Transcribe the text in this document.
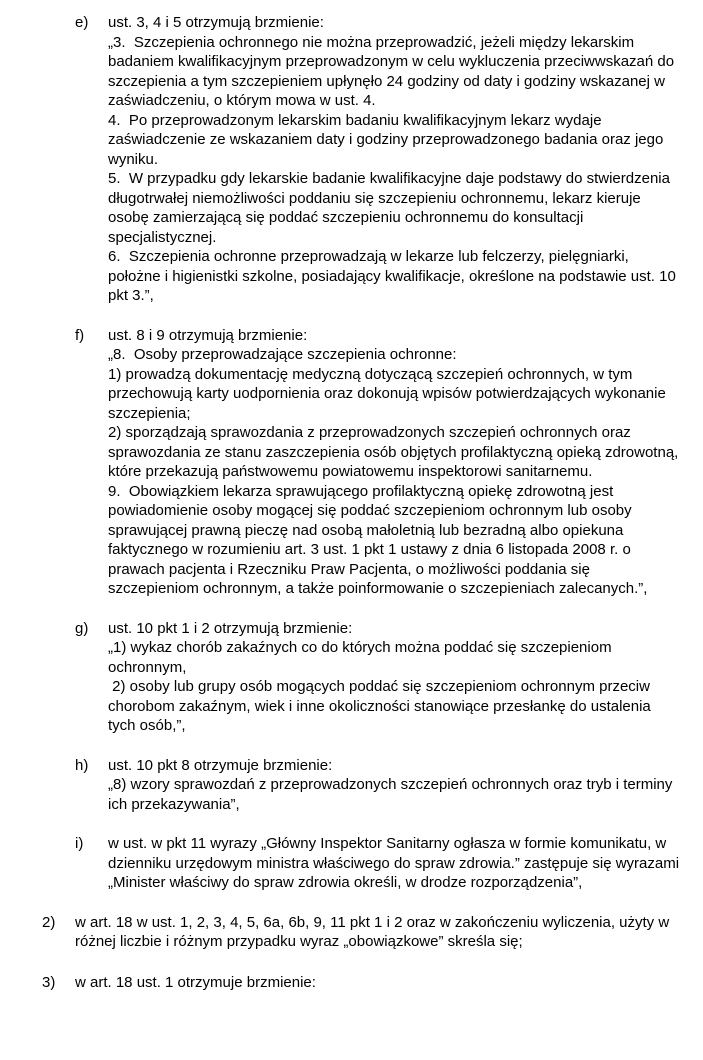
e)	ust. 3, 4 i 5 otrzymują brzmienie:

„3.  Szczepienia ochronnego nie można przeprowadzić, jeżeli między lekarskim badaniem kwalifikacyjnym przeprowadzonym w celu wykluczenia przeciwwskazań do szczepienia a tym szczepieniem upłynęło 24 godziny od daty i godziny wskazanej w zaświadczeniu, o którym mowa w ust. 4.

4.  Po przeprowadzonym lekarskim badaniu kwalifikacyjnym lekarz wydaje zaświadczenie ze wskazaniem daty i godziny przeprowadzonego badania oraz jego wyniku.

5.  W przypadku gdy lekarskie badanie kwalifikacyjne daje podstawy do stwierdzenia długotrwałej niemożliwości poddaniu się szczepieniu ochronnemu, lekarz kieruje osobę zamierzającą się poddać szczepieniu ochronnemu do konsultacji specjalistycznej.

6.  Szczepienia ochronne przeprowadzają w lekarze lub felczerzy, pielęgniarki, położne i higienistki szkolne, posiadający kwalifikacje, określone na podstawie ust. 10 pkt 3.”,

f)	ust. 8 i 9 otrzymują brzmienie:

„8.  Osoby przeprowadzające szczepienia ochronne:

1) prowadzą dokumentację medyczną dotyczącą szczepień ochronnych, w tym przechowują karty uodpornienia oraz dokonują wpisów potwierdzających wykonanie szczepienia;

2) sporządzają sprawozdania z przeprowadzonych szczepień ochronnych oraz sprawozdania ze stanu zaszczepienia osób objętych profilaktyczną opieką zdrowotną, które przekazują państwowemu powiatowemu inspektorowi sanitarnemu.

9.  Obowiązkiem lekarza sprawującego profilaktyczną opiekę zdrowotną jest powiadomienie osoby mogącej się poddać szczepieniom ochronnym lub osoby sprawującej prawną pieczę nad osobą małoletnią lub bezradną albo opiekuna faktycznego w rozumieniu art. 3 ust. 1 pkt 1 ustawy z dnia 6 listopada 2008 r. o prawach pacjenta i Rzeczniku Praw Pacjenta, o możliwości poddania się szczepieniom ochronnym, a także poinformowanie o szczepieniach zalecanych.”,

g)	ust. 10 pkt 1 i 2 otrzymują brzmienie:

„1) wykaz chorób zakaźnych co do których można poddać się szczepieniom ochronnym,

2) osoby lub grupy osób mogących poddać się szczepieniom ochronnym przeciw chorobom zakaźnym, wiek i inne okoliczności stanowiące przesłankę do ustalenia tych osób,”,

h)	ust. 10 pkt 8 otrzymuje brzmienie:

„8) wzory sprawozdań z przeprowadzonych szczepień ochronnych oraz tryb i terminy ich przekazywania”,

i)	w ust. w pkt 11 wyrazy „Główny Inspektor Sanitarny ogłasza w formie komunikatu, w dzienniku urzędowym ministra właściwego do spraw zdrowia.” zastępuje się wyrazami „Minister właściwy do spraw zdrowia określi, w drodze rozporządzenia”,

2)	w art. 18 w ust. 1, 2, 3, 4, 5, 6a, 6b, 9, 11 pkt 1 i 2 oraz w zakończeniu wyliczenia, użyty w różnej liczbie i różnym przypadku wyraz „obowiązkowe” skreśla się;

3)	w art. 18 ust. 1 otrzymuje brzmienie:
